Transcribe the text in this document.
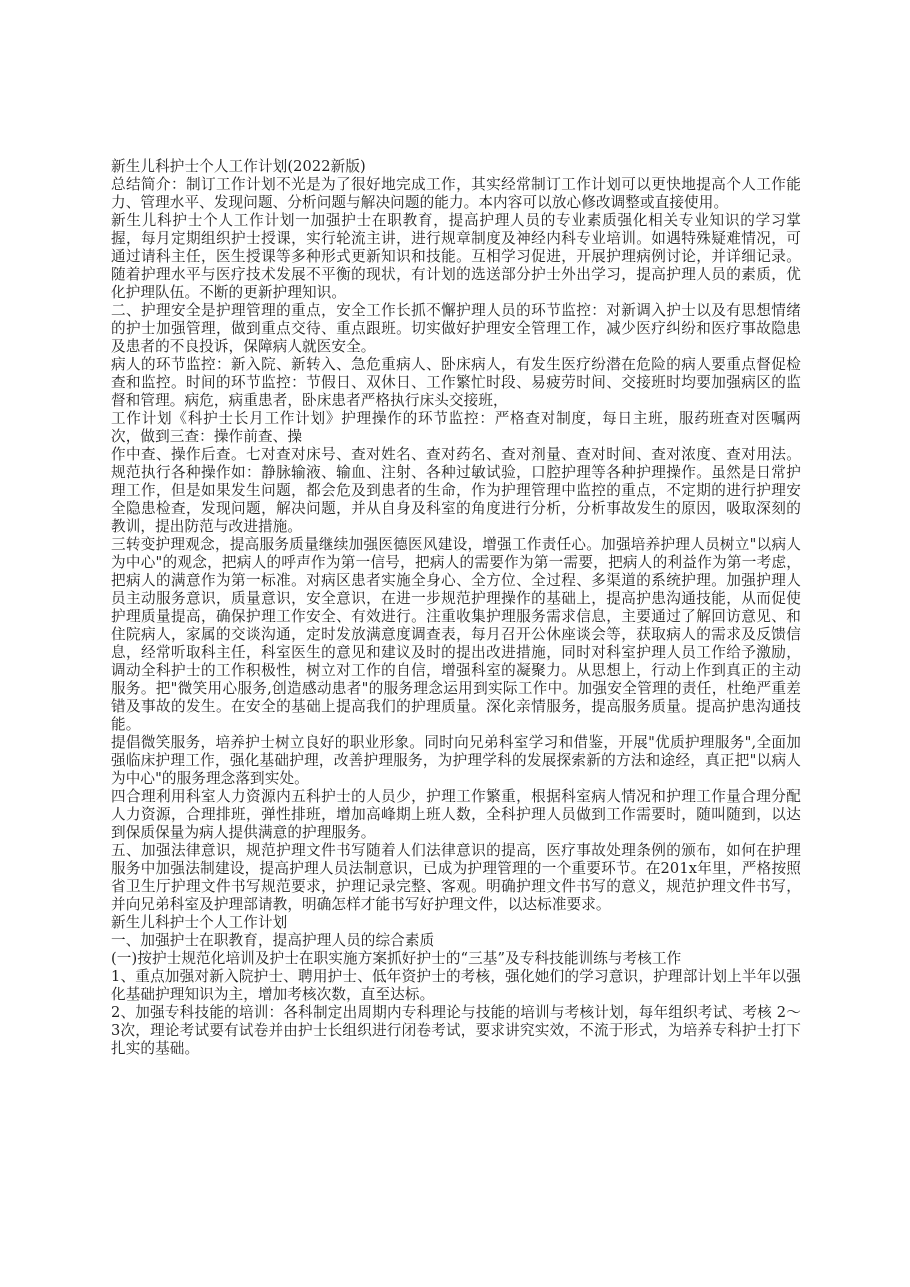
新生儿科护士个人工作计划(2022新版)

总结简介：制订工作计划不光是为了很好地完成工作，其实经常制订工作计划可以更快地提高个人工作能力、管理水平、发现问题、分析问题与解决问题的能力。本内容可以放心修改调整或直接使用。

新生儿科护士个人工作计划一加强护士在职教育，提高护理人员的专业素质强化相关专业知识的学习掌握，每月定期组织护士授课，实行轮流主讲，进行规章制度及神经内科专业培训。如遇特殊疑难情况，可通过请科主任，医生授课等多种形式更新知识和技能。互相学习促进，开展护理病例讨论，并详细记录。随着护理水平与医疗技术发展不平衡的现状，有计划的选送部分护士外出学习，提高护理人员的素质，优化护理队伍。不断的更新护理知识。

二、护理安全是护理管理的重点，安全工作长抓不懈护理人员的环节监控：对新调入护士以及有思想情绪的护士加强管理，做到重点交待、重点跟班。切实做好护理安全管理工作，减少医疗纠纷和医疗事故隐患及患者的不良投诉，保障病人就医安全。

病人的环节监控：新入院、新转入、急危重病人、卧床病人，有发生医疗纷潜在危险的病人要重点督促检查和监控。时间的环节监控：节假日、双休日、工作繁忙时段、易疲劳时间、交接班时均要加强病区的监督和管理。病危，病重患者，卧床患者严格执行床头交接班，

工作计划《科护士长月工作计划》护理操作的环节监控：严格查对制度，每日主班，服药班查对医嘱两次，做到三查：操作前查、操

作中查、操作后查。七对查对床号、查对姓名、查对药名、查对剂量、查对时间、查对浓度、查对用法。规范执行各种操作如：静脉输液、输血、注射、各种过敏试验，口腔护理等各种护理操作。虽然是日常护理工作，但是如果发生问题，都会危及到患者的生命，作为护理管理中监控的重点，不定期的进行护理安全隐患检查，发现问题，解决问题，并从自身及科室的角度进行分析，分析事故发生的原因，吸取深刻的教训，提出防范与改进措施。

三转变护理观念，提高服务质量继续加强医德医风建设，增强工作责任心。加强培养护理人员树立"以病人为中心"的观念，把病人的呼声作为第一信号，把病人的需要作为第一需要，把病人的利益作为第一考虑，把病人的满意作为第一标准。对病区患者实施全身心、全方位、全过程、多渠道的系统护理。加强护理人员主动服务意识，质量意识，安全意识，在进一步规范护理操作的基础上，提高护患沟通技能，从而促使护理质量提高，确保护理工作安全、有效进行。注重收集护理服务需求信息，主要通过了解回访意见、和住院病人，家属的交谈沟通，定时发放满意度调查表，每月召开公休座谈会等，获取病人的需求及反馈信息，经常听取科主任，科室医生的意见和建议及时的提出改进措施，同时对科室护理人员工作给予激励，调动全科护士的工作积极性，树立对工作的自信，增强科室的凝聚力。从思想上，行动上作到真正的主动服务。把"微笑用心服务,创造感动患者"的服务理念运用到实际工作中。加强安全管理的责任，杜绝严重差错及事故的发生。在安全的基础上提高我们的护理质量。深化亲情服务，提高服务质量。提高护患沟通技能。

提倡微笑服务，培养护士树立良好的职业形象。同时向兄弟科室学习和借鉴，开展"优质护理服务",全面加强临床护理工作，强化基础护理，改善护理服务，为护理学科的发展探索新的方法和途经，真正把"以病人为中心"的服务理念落到实处。

四合理利用科室人力资源内五科护士的人员少，护理工作繁重，根据科室病人情况和护理工作量合理分配人力资源，合理排班，弹性排班，增加高峰期上班人数，全科护理人员做到工作需要时，随叫随到，以达到保质保量为病人提供满意的护理服务。

五、加强法律意识，规范护理文件书写随着人们法律意识的提高，医疗事故处理条例的颁布，如何在护理服务中加强法制建设，提高护理人员法制意识，已成为护理管理的一个重要环节。在201x年里，严格按照省卫生厅护理文件书写规范要求，护理记录完整、客观。明确护理文件书写的意义，规范护理文件书写，并向兄弟科室及护理部请教，明确怎样才能书写好护理文件，以达标准要求。

新生儿科护士个人工作计划

一、加强护士在职教育，提高护理人员的综合素质

(一)按护士规范化培训及护士在职实施方案抓好护士的“三基”及专科技能训练与考核工作

1、重点加强对新入院护士、聘用护士、低年资护士的考核，强化她们的学习意识，护理部计划上半年以强化基础护理知识为主，增加考核次数，直至达标。

2、加强专科技能的培训：各科制定出周期内专科理论与技能的培训与考核计划，每年组织考试、考核 2～3次，理论考试要有试卷并由护士长组织进行闭卷考试，要求讲究实效，不流于形式，为培养专科护士打下扎实的基础。
